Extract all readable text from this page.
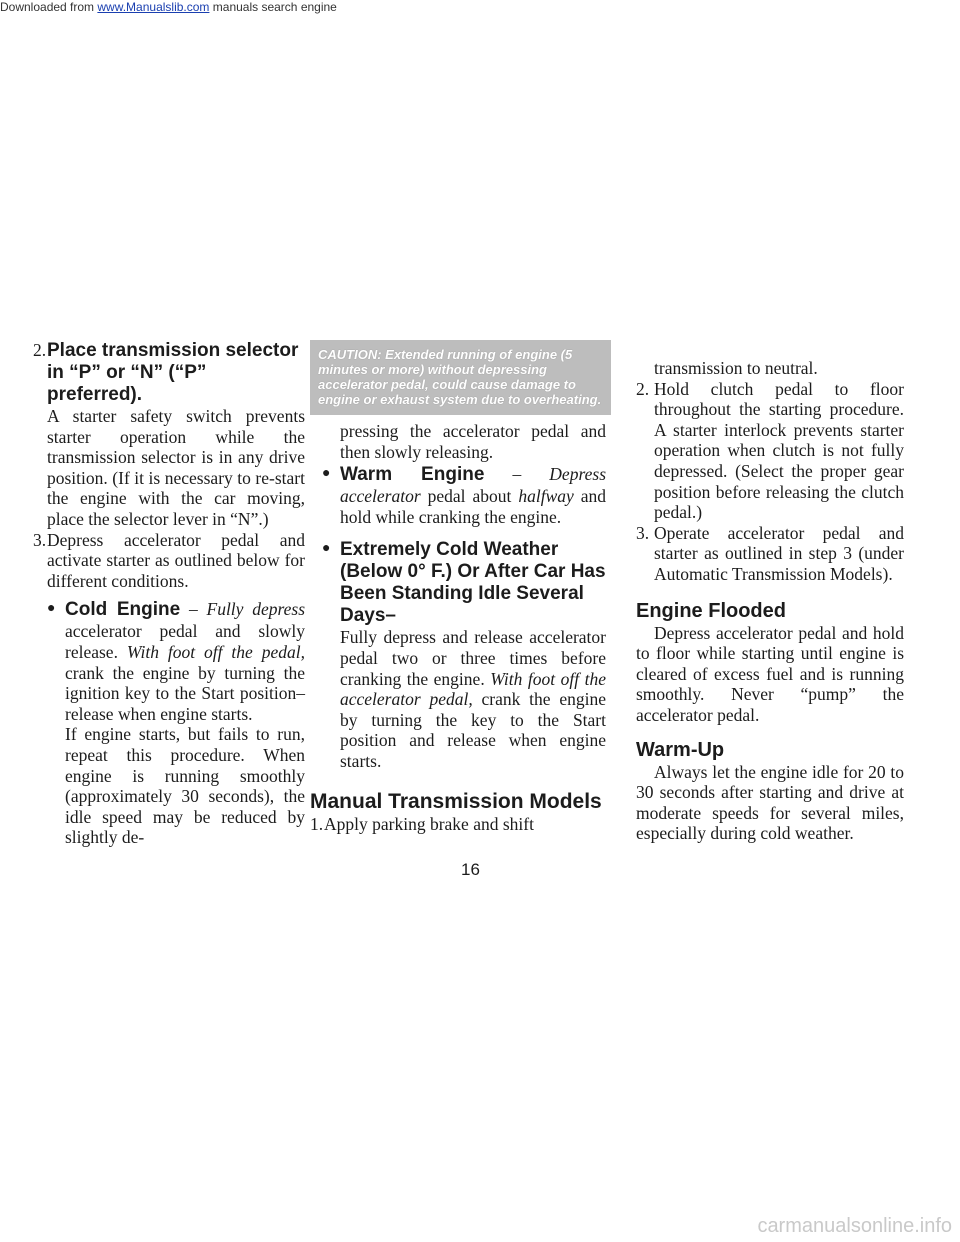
Downloaded from www.Manualslib.com manuals search engine
2. Place transmission selector
in “P” or “N” (“P” preferred).

A starter safety switch prevents starter operation while the transmission selector is in any drive position. (If it is necessary to re-start the engine with the car moving, place the selector lever in “N”.)

3. Depress accelerator pedal and activate starter as outlined below for different conditions.

● Cold Engine – Fully depress accelerator pedal and slowly release. With foot off the pedal, crank the engine by turning the ignition key to the Start position–release when engine starts.

If engine starts, but fails to run, repeat this procedure. When engine is running smoothly (approximately 30 seconds), the idle speed may be reduced by slightly de-

CAUTION: Extended running of engine (5 minutes or more) without depressing accelerator pedal, could cause damage to engine or exhaust system due to overheating.

pressing the accelerator pedal and then slowly releasing.

● Warm Engine – Depress accelerator pedal about halfway and hold while cranking the engine.

● Extremely Cold Weather (Below 0° F.) Or After Car Has Been Standing Idle Several Days–

Fully depress and release accelerator pedal two or three times before cranking the engine. With foot off the accelerator pedal, crank the engine by turning the key to the Start position and release when engine starts.

Manual Transmission Models

1. Apply parking brake and shift

transmission to neutral.

2. Hold clutch pedal to floor throughout the starting procedure. A starter interlock prevents starter operation when clutch is not fully depressed. (Select the proper gear position before releasing the clutch pedal.)

3. Operate accelerator pedal and starter as outlined in step 3 (under Automatic Transmission Models).

Engine Flooded

Depress accelerator pedal and hold to floor while starting until engine is cleared of excess fuel and is running smoothly. Never “pump” the accelerator pedal.

Warm-Up

Always let the engine idle for 20 to 30 seconds after starting and drive at moderate speeds for several miles, especially during cold weather.

16
carmanualsonline.info
